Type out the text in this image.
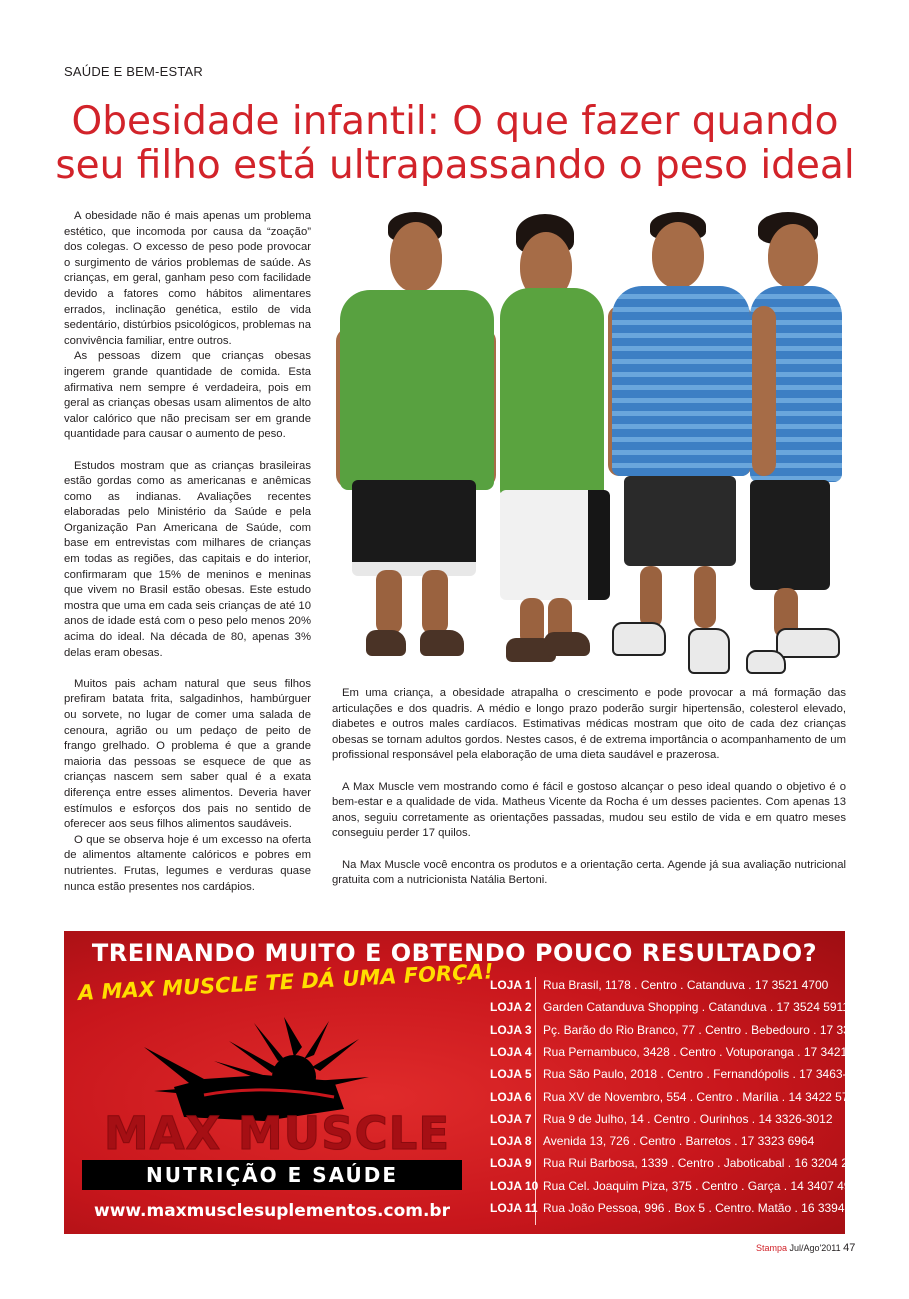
SAÚDE E BEM-ESTAR
Obesidade infantil: O que fazer quando
seu filho está ultrapassando o peso ideal

A obesidade não é mais apenas um problema estético, que incomoda por causa da “zoação” dos colegas. O excesso de peso pode provocar o surgimento de vários problemas de saúde. As crianças, em geral, ganham peso com facilidade devido a fatores como hábitos alimentares errados, inclinação genética, estilo de vida sedentário, distúrbios psicológicos, problemas na convivência familiar, entre outros.

As pessoas dizem que crianças obesas ingerem grande quantidade de comida. Esta afirmativa nem sempre é verdadeira, pois em geral as crianças obesas usam alimentos de alto valor calórico que não precisam ser em grande quantidade para causar o aumento de peso.

Estudos mostram que as crianças brasileiras estão gordas como as americanas e anêmicas como as indianas. Avaliações recentes elaboradas pelo Ministério da Saúde e pela Organização Pan Americana de Saúde, com base em entrevistas com milhares de crianças em todas as regiões, das capitais e do interior, confirmaram que 15% de meninos e meninas que vivem no Brasil estão obesas. Este estudo mostra que uma em cada seis crianças de até 10 anos de idade está com o peso pelo menos 20% acima do ideal. Na década de 80, apenas 3% delas eram obesas.

Muitos pais acham natural que seus filhos prefiram batata frita, salgadinhos, hambúrguer ou sorvete, no lugar de comer uma salada de cenoura, agrião ou um pedaço de peito de frango grelhado. O problema é que a grande maioria das pessoas se esquece de que as crianças nascem sem saber qual é a exata diferença entre esses alimentos. Deveria haver estímulos e esforços dos pais no sentido de oferecer aos seus filhos alimentos saudáveis.

O que se observa hoje é um excesso na oferta de alimentos altamente calóricos e pobres em nutrientes. Frutas, legumes e verduras quase nunca estão presentes nos cardápios.

Em uma criança, a obesidade atrapalha o crescimento e pode provocar a má formação das articulações e dos quadris. A médio e longo prazo poderão surgir hipertensão, colesterol elevado, diabetes e outros males cardíacos. Estimativas médicas mostram que oito de cada dez crianças obesas se tornam adultos gordos. Nestes casos, é de extrema importância o acompanhamento de um profissional responsável pela elaboração de uma dieta saudável e prazerosa.

A Max Muscle vem mostrando como é fácil e gostoso alcançar o peso ideal quando o objetivo é o bem-estar e a qualidade de vida. Matheus Vicente da Rocha é um desses pacientes. Com apenas 13 anos, seguiu corretamente as orientações passadas, mudou seu estilo de vida e em quatro meses conseguiu perder 17 quilos.

Na Max Muscle você encontra os produtos e a orientação certa. Agende já sua avaliação nutricional gratuita com a nutricionista Natália Bertoni.

TREINANDO MUITO E OBTENDO POUCO RESULTADO?
A MAX MUSCLE TE DÁ UMA FORÇA!
MAX MUSCLE
NUTRIÇÃO E SAÚDE
www.maxmusclesuplementos.com.br
LOJA 1 Rua Brasil, 1178 . Centro . Catanduva . 17 3521 4700
LOJA 2 Garden Catanduva Shopping . Catanduva . 17 3524 5911
LOJA 3 Pç. Barão do Rio Branco, 77 . Centro . Bebedouro . 17 3342 4546
LOJA 4 Rua Pernambuco, 3428 . Centro . Votuporanga . 17 3421 1727
LOJA 5 Rua São Paulo, 2018 . Centro . Fernandópolis . 17 3463-3645
LOJA 6 Rua XV de Novembro, 554 . Centro . Marília . 14 3422 5794
LOJA 7 Rua 9 de Julho, 14 . Centro . Ourinhos . 14 3326-3012
LOJA 8 Avenida 13, 726 . Centro . Barretos . 17 3323 6964
LOJA 9 Rua Rui Barbosa, 1339 . Centro . Jaboticabal . 16 3204 2228
LOJA 10 Rua Cel. Joaquim Piza, 375 . Centro . Garça . 14 3407 4923
LOJA 11 Rua João Pessoa, 996 . Box 5 . Centro. Matão . 16 3394 2289
Stampa Jul/Ago'2011 47
